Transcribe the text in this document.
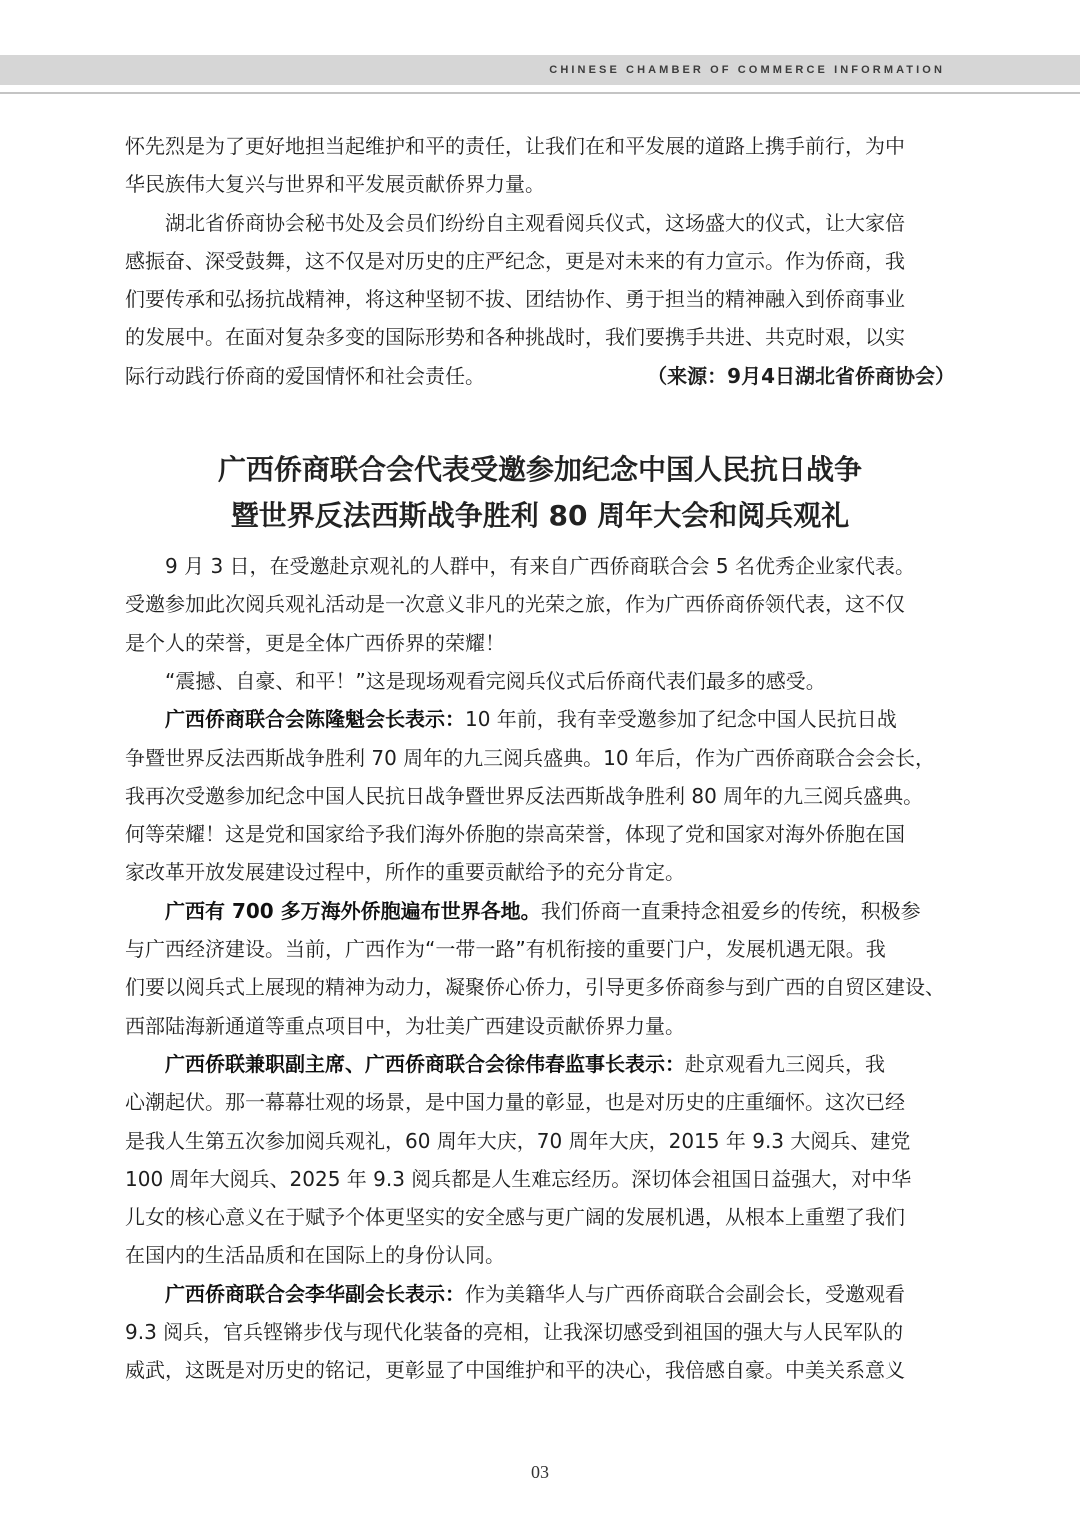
CHINESE CHAMBER OF COMMERCE INFORMATION

怀先烈是为了更好地担当起维护和平的责任，让我们在和平发展的道路上携手前行，为中

华民族伟大复兴与世界和平发展贡献侨界力量。

湖北省侨商协会秘书处及会员们纷纷自主观看阅兵仪式，这场盛大的仪式，让大家倍

感振奋、深受鼓舞，这不仅是对历史的庄严纪念，更是对未来的有力宣示。作为侨商，我

们要传承和弘扬抗战精神，将这种坚韧不拔、团结协作、勇于担当的精神融入到侨商事业

的发展中。在面对复杂多变的国际形势和各种挑战时，我们要携手共进、共克时艰，以实

际行动践行侨商的爱国情怀和社会责任。	（来源：9月4日湖北省侨商协会）

广西侨商联合会代表受邀参加纪念中国人民抗日战争

暨世界反法西斯战争胜利 80 周年大会和阅兵观礼

9 月 3 日，在受邀赴京观礼的人群中，有来自广西侨商联合会 5 名优秀企业家代表。

受邀参加此次阅兵观礼活动是一次意义非凡的光荣之旅，作为广西侨商侨领代表，这不仅

是个人的荣誉，更是全体广西侨界的荣耀！

“震撼、自豪、和平！”这是现场观看完阅兵仪式后侨商代表们最多的感受。

广西侨商联合会陈隆魁会长表示：10 年前，我有幸受邀参加了纪念中国人民抗日战

争暨世界反法西斯战争胜利 70 周年的九三阅兵盛典。10 年后，作为广西侨商联合会会长，

我再次受邀参加纪念中国人民抗日战争暨世界反法西斯战争胜利 80 周年的九三阅兵盛典。

何等荣耀！这是党和国家给予我们海外侨胞的崇高荣誉，体现了党和国家对海外侨胞在国

家改革开放发展建设过程中，所作的重要贡献给予的充分肯定。

广西有 700 多万海外侨胞遍布世界各地。我们侨商一直秉持念祖爱乡的传统，积极参

与广西经济建设。当前，广西作为“一带一路”有机衔接的重要门户，发展机遇无限。我

们要以阅兵式上展现的精神为动力，凝聚侨心侨力，引导更多侨商参与到广西的自贸区建设、

西部陆海新通道等重点项目中，为壮美广西建设贡献侨界力量。

广西侨联兼职副主席、广西侨商联合会徐伟春监事长表示：赴京观看九三阅兵，我

心潮起伏。那一幕幕壮观的场景，是中国力量的彰显，也是对历史的庄重缅怀。这次已经

是我人生第五次参加阅兵观礼，60 周年大庆，70 周年大庆，2015 年 9.3 大阅兵、建党

100 周年大阅兵、2025 年 9.3 阅兵都是人生难忘经历。深切体会祖国日益强大，对中华

儿女的核心意义在于赋予个体更坚实的安全感与更广阔的发展机遇，从根本上重塑了我们

在国内的生活品质和在国际上的身份认同。

广西侨商联合会李华副会长表示：作为美籍华人与广西侨商联合会副会长，受邀观看

9.3 阅兵，官兵铿锵步伐与现代化装备的亮相，让我深切感受到祖国的强大与人民军队的

威武，这既是对历史的铭记，更彰显了中国维护和平的决心，我倍感自豪。中美关系意义

03
